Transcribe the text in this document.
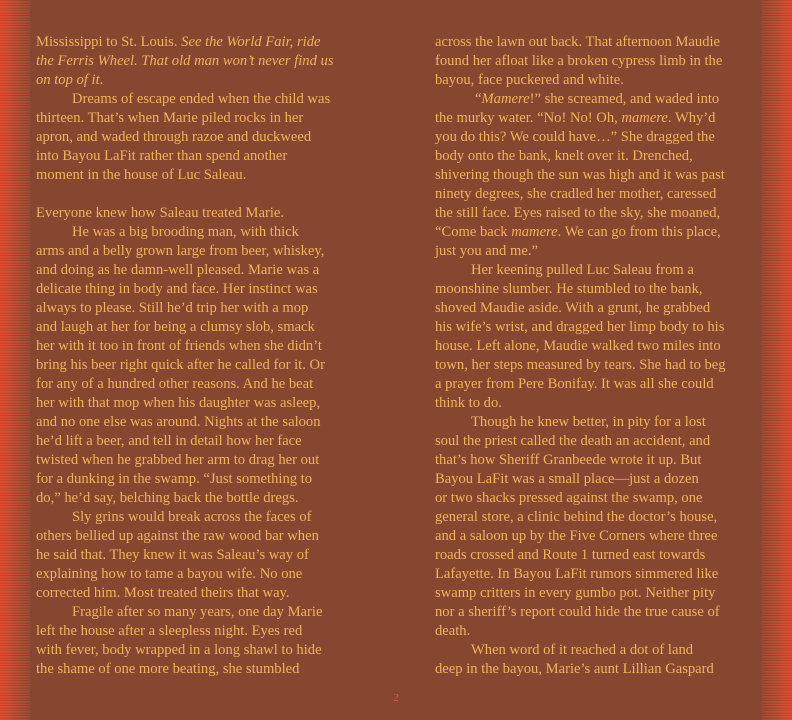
Mississippi to St. Louis. See the World Fair, ride
the Ferris Wheel. That old man won’t never find us
on top of it.
Dreams of escape ended when the child was
thirteen. That’s when Marie piled rocks in her
apron, and waded through razoe and duckweed
into Bayou LaFit rather than spend another
moment in the house of Luc Saleau.
Everyone knew how Saleau treated Marie.
He was a big brooding man, with thick
arms and a belly grown large from beer, whiskey,
and doing as he damn-well pleased. Marie was a
delicate thing in body and face. Her instinct was
always to please. Still he’d trip her with a mop
and laugh at her for being a clumsy slob, smack
her with it too in front of friends when she didn’t
bring his beer right quick after he called for it. Or
for any of a hundred other reasons. And he beat
her with that mop when his daughter was asleep,
and no one else was around. Nights at the saloon
he’d lift a beer, and tell in detail how her face
twisted when he grabbed her arm to drag her out
for a dunking in the swamp. “Just something to
do,” he’d say, belching back the bottle dregs.
Sly grins would break across the faces of
others bellied up against the raw wood bar when
he said that. They knew it was Saleau’s way of
explaining how to tame a bayou wife. No one
corrected him. Most treated theirs that way.
Fragile after so many years, one day Marie
left the house after a sleepless night. Eyes red
with fever, body wrapped in a long shawl to hide
the shame of one more beating, she stumbled
across the lawn out back. That afternoon Maudie
found her afloat like a broken cypress limb in the
bayou, face puckered and white.
“Mamere!” she screamed, and waded into
the murky water. “No! No! Oh, mamere. Why’d
you do this? We could have…” She dragged the
body onto the bank, knelt over it. Drenched,
shivering though the sun was high and it was past
ninety degrees, she cradled her mother, caressed
the still face. Eyes raised to the sky, she moaned,
“Come back mamere. We can go from this place,
just you and me.”
Her keening pulled Luc Saleau from a
moonshine slumber. He stumbled to the bank,
shoved Maudie aside. With a grunt, he grabbed
his wife’s wrist, and dragged her limp body to his
house. Left alone, Maudie walked two miles into
town, her steps measured by tears. She had to beg
a prayer from Pere Bonifay. It was all she could
think to do.
Though he knew better, in pity for a lost
soul the priest called the death an accident, and
that’s how Sheriff Granbeede wrote it up. But
Bayou LaFit was a small place—just a dozen
or two shacks pressed against the swamp, one
general store, a clinic behind the doctor’s house,
and a saloon up by the Five Corners where three
roads crossed and Route 1 turned east towards
Lafayette. In Bayou LaFit rumors simmered like
swamp critters in every gumbo pot. Neither pity
nor a sheriff’s report could hide the true cause of
death.
When word of it reached a dot of land
deep in the bayou, Marie’s aunt Lillian Gaspard
2
